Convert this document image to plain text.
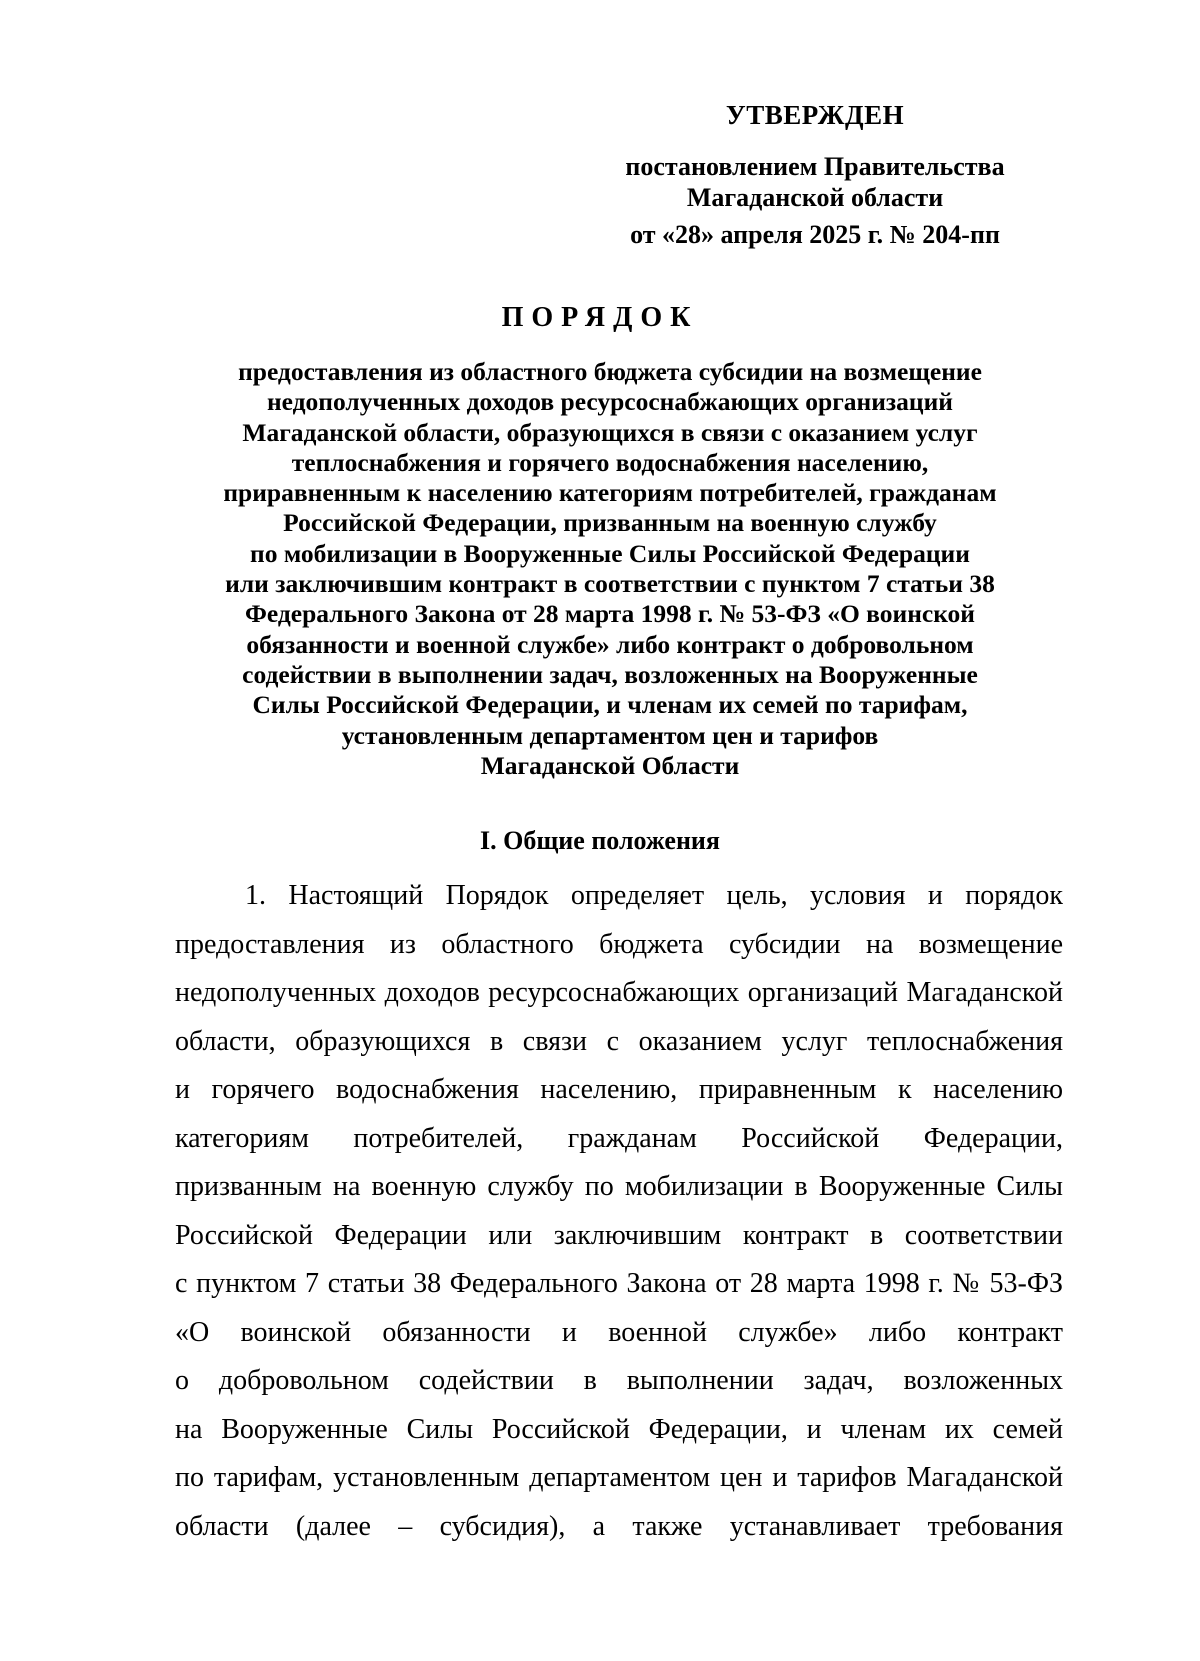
УТВЕРЖДЕН
постановлением Правительства
Магаданской области
от «28» апреля 2025 г. № 204-пп
ПОРЯДОК
предоставления из областного бюджета субсидии на возмещение
недополученных доходов ресурсоснабжающих организаций
Магаданской области, образующихся в связи с оказанием услуг
теплоснабжения и горячего водоснабжения населению,
приравненным к населению категориям потребителей, гражданам
Российской Федерации, призванным на военную службу
по мобилизации в Вооруженные Силы Российской Федерации
или заключившим контракт в соответствии с пунктом 7 статьи 38
Федерального Закона от 28 марта 1998 г. № 53-ФЗ «О воинской
обязанности и военной службе» либо контракт о добровольном
содействии в выполнении задач, возложенных на Вооруженные
Силы Российской Федерации, и членам их семей по тарифам,
установленным департаментом цен и тарифов
Магаданской Области
I. Общие положения
1. Настоящий Порядок определяет цель, условия и порядок
предоставления из областного бюджета субсидии на возмещение
недополученных доходов ресурсоснабжающих организаций Магаданской
области, образующихся в связи с оказанием услуг теплоснабжения
и горячего водоснабжения населению, приравненным к населению
категориям потребителей, гражданам Российской Федерации,
призванным на военную службу по мобилизации в Вооруженные Силы
Российской Федерации или заключившим контракт в соответствии
с пунктом 7 статьи 38 Федерального Закона от 28 марта 1998 г. № 53-ФЗ
«О воинской обязанности и военной службе» либо контракт
о добровольном содействии в выполнении задач, возложенных
на Вооруженные Силы Российской Федерации, и членам их семей
по тарифам, установленным департаментом цен и тарифов Магаданской
области (далее – субсидия), а также устанавливает требования
